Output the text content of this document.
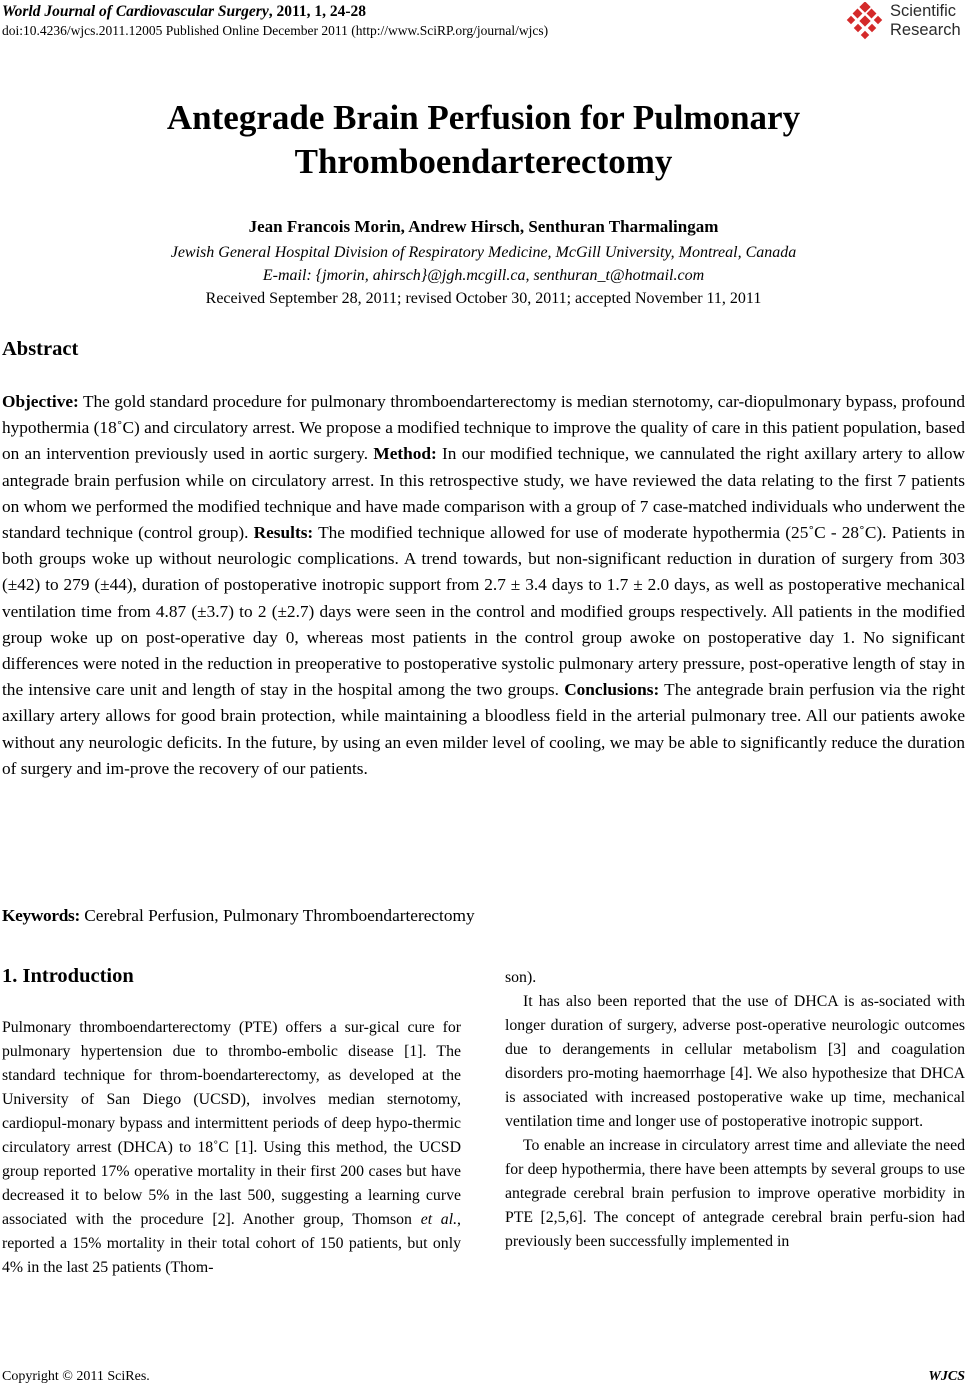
World Journal of Cardiovascular Surgery, 2011, 1, 24-28
doi:10.4236/wjcs.2011.12005 Published Online December 2011 (http://www.SciRP.org/journal/wjcs)
Scientific
Research
Antegrade Brain Perfusion for Pulmonary
Thromboendarterectomy
Jean Francois Morin, Andrew Hirsch, Senthuran Tharmalingam
Jewish General Hospital Division of Respiratory Medicine, McGill University, Montreal, Canada
E-mail: {jmorin, ahirsch}@jgh.mcgill.ca, senthuran_t@hotmail.com
Received September 28, 2011; revised October 30, 2011; accepted November 11, 2011
Abstract
Objective: The gold standard procedure for pulmonary thromboendarterectomy is median sternotomy, car-diopulmonary bypass, profound hypothermia (18˚C) and circulatory arrest. We propose a modified technique to improve the quality of care in this patient population, based on an intervention previously used in aortic surgery. Method: In our modified technique, we cannulated the right axillary artery to allow antegrade brain perfusion while on circulatory arrest. In this retrospective study, we have reviewed the data relating to the first 7 patients on whom we performed the modified technique and have made comparison with a group of 7 case-matched individuals who underwent the standard technique (control group). Results: The modified technique allowed for use of moderate hypothermia (25˚C - 28˚C). Patients in both groups woke up without neurologic complications. A trend towards, but non-significant reduction in duration of surgery from 303 (±42) to 279 (±44), duration of postoperative inotropic support from 2.7 ± 3.4 days to 1.7 ± 2.0 days, as well as postoperative mechanical ventilation time from 4.87 (±3.7) to 2 (±2.7) days were seen in the control and modified groups respectively. All patients in the modified group woke up on post-operative day 0, whereas most patients in the control group awoke on postoperative day 1. No significant differences were noted in the reduction in preoperative to postoperative systolic pulmonary artery pressure, post-operative length of stay in the intensive care unit and length of stay in the hospital among the two groups. Conclusions: The antegrade brain perfusion via the right axillary artery allows for good brain protection, while maintaining a bloodless field in the arterial pulmonary tree. All our patients awoke without any neurologic deficits. In the future, by using an even milder level of cooling, we may be able to significantly reduce the duration of surgery and im-prove the recovery of our patients.
Keywords: Cerebral Perfusion, Pulmonary Thromboendarterectomy
1. Introduction

Pulmonary thromboendarterectomy (PTE) offers a sur-gical cure for pulmonary hypertension due to thrombo-embolic disease [1]. The standard technique for throm-boendarterectomy, as developed at the University of San Diego (UCSD), involves median sternotomy, cardiopul-monary bypass and intermittent periods of deep hypo-thermic circulatory arrest (DHCA) to 18˚C [1]. Using this method, the UCSD group reported 17% operative mortality in their first 200 cases but have decreased it to below 5% in the last 500, suggesting a learning curve associated with the procedure [2]. Another group, Thomson et al., reported a 15% mortality in their total cohort of 150 patients, but only 4% in the last 25 patients (Thom-

son).

It has also been reported that the use of DHCA is as-sociated with longer duration of surgery, adverse post-operative neurologic outcomes due to derangements in cellular metabolism [3] and coagulation disorders pro-moting haemorrhage [4]. We also hypothesize that DHCA is associated with increased postoperative wake up time, mechanical ventilation time and longer use of postoperative inotropic support.

To enable an increase in circulatory arrest time and alleviate the need for deep hypothermia, there have been attempts by several groups to use antegrade cerebral brain perfusion to improve operative morbidity in PTE [2,5,6]. The concept of antegrade cerebral brain perfu-sion had previously been successfully implemented in

Copyright © 2011 SciRes.	WJCS
